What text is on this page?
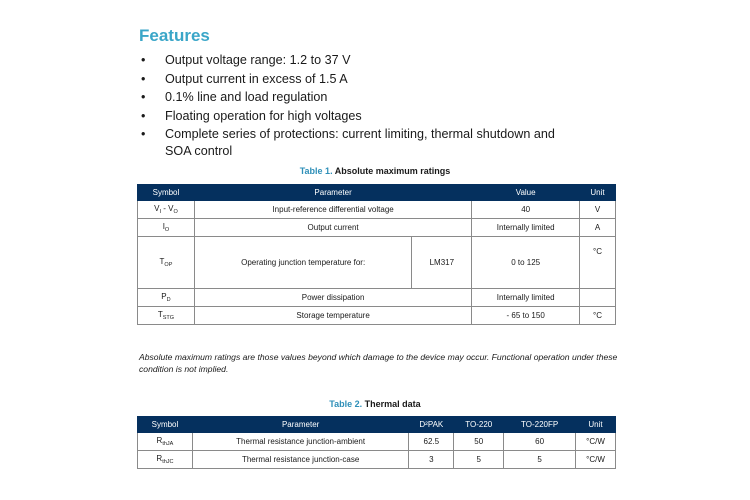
Features
• Output voltage range: 1.2 to 37 V
• Output current in excess of 1.5 A
• 0.1% line and load regulation
• Floating operation for high voltages
• Complete series of protections: current limiting, thermal shutdown and SOA control
Table 1. Absolute maximum ratings
Symbol	Parameter		Value	Unit
$V_I - V_O$	Input-reference differential voltage		40	V
$I_O$	Output current		Internally limited	A
$T_{OP}$	Operating junction temperature for:	LM317	0 to 125	°C
$P_D$	Power dissipation		Internally limited	
$T_{STG}$	Storage temperature		- 65 to 150	°C

Absolute maximum ratings are those values beyond which damage to the device may occur. Functional operation under these condition is not implied.

Table 2. Thermal data
Symbol	Parameter	D²PAK	TO-220	TO-220FP	Unit
$R_{thJA}$	Thermal resistance junction-ambient	62.5	50	60	°C/W
$R_{thJC}$	Thermal resistance junction-case	3	5	5	°C/W
